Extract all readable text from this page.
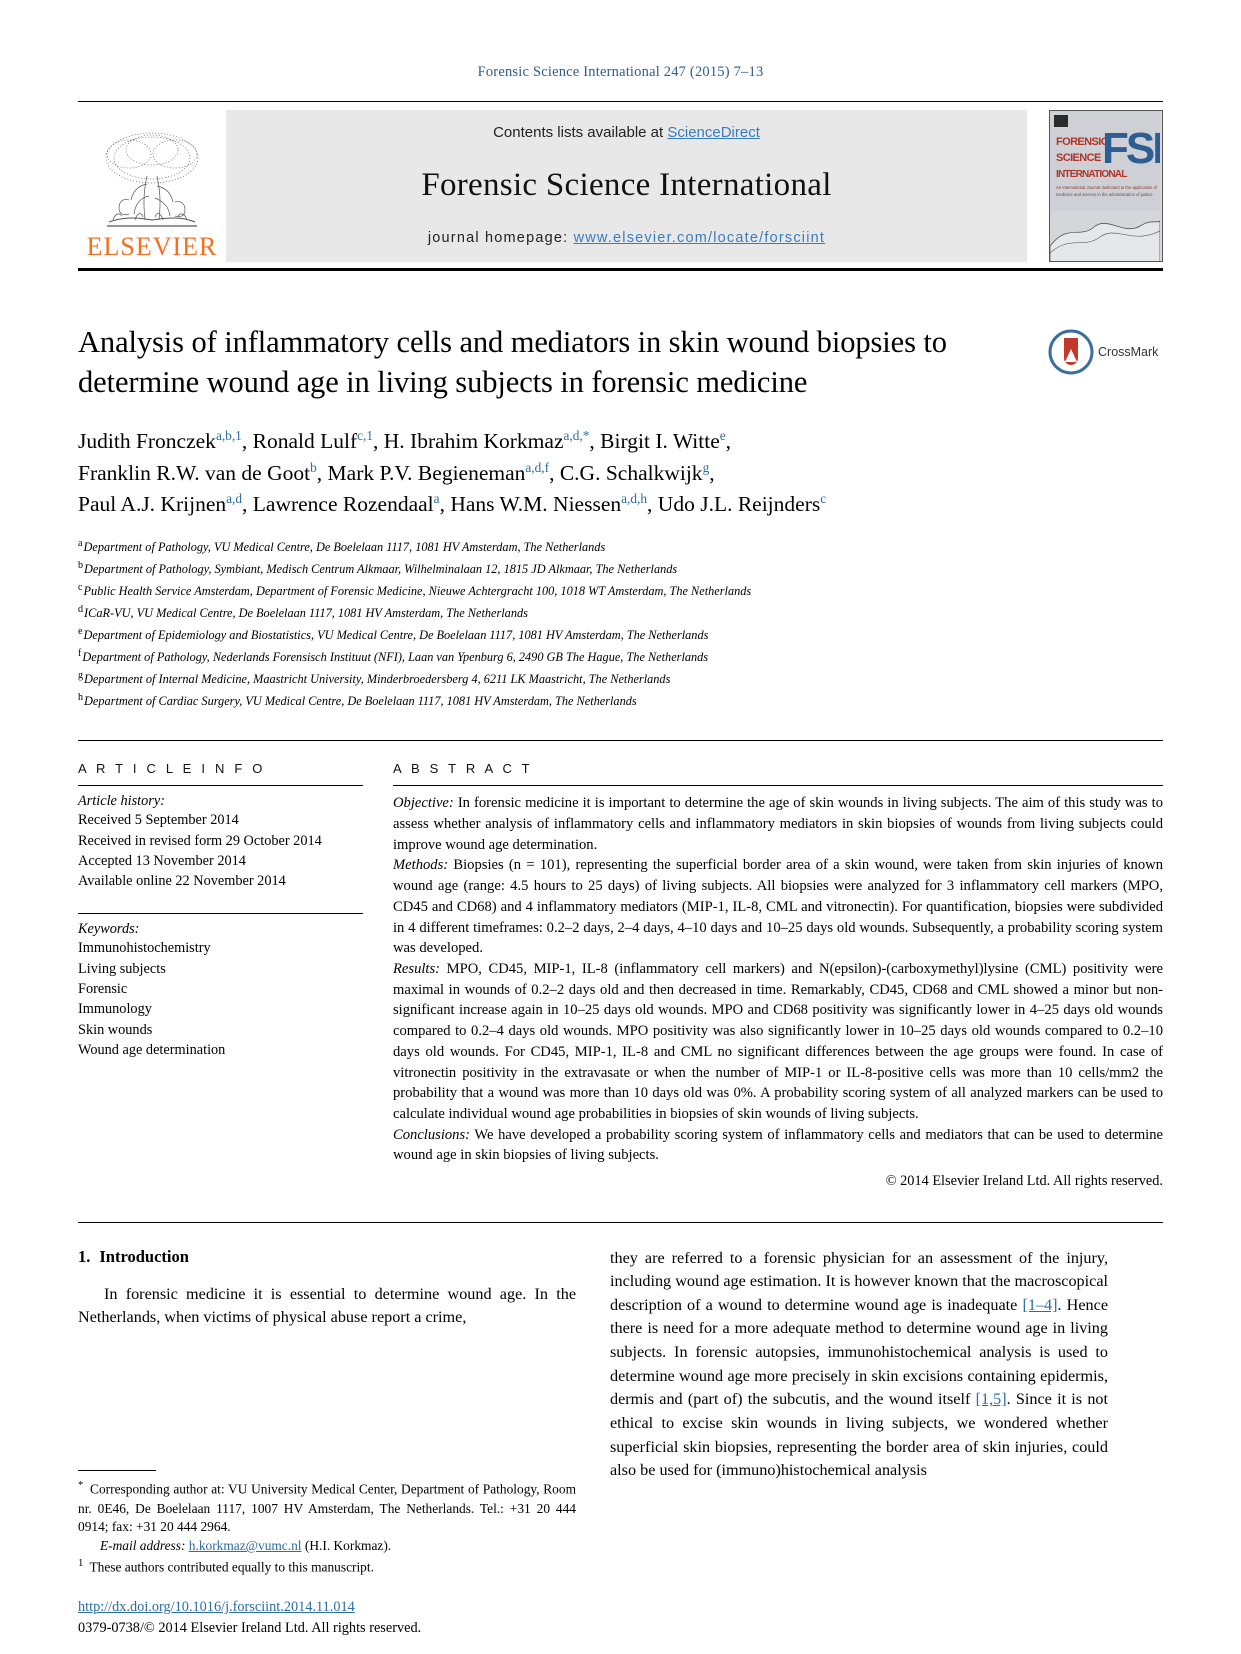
Forensic Science International 247 (2015) 7–13
ELSEVIER
Contents lists available at ScienceDirect
Forensic Science International
journal homepage: www.elsevier.com/locate/forsciint
FORENSIC
SCIENCE
INTERNATIONAL
FSI
An International Journal dedicated to the application of
medicine and science in the administration of justice
Analysis of inflammatory cells and mediators in skin wound biopsies to determine wound age in living subjects in forensic medicine
CrossMark
Judith Fronczek$^{a,b,1}$, Ronald Lulf$^{c,1}$, H. Ibrahim Korkmaz$^{a,d,*}$, Birgit I. Witte$^e$,
Franklin R.W. van de Goot$^b$, Mark P.V. Begieneman$^{a,d,f}$, C.G. Schalkwijk$^g$,
Paul A.J. Krijnen$^{a,d}$, Lawrence Rozendaal$^a$, Hans W.M. Niessen$^{a,d,h}$, Udo J.L. Reijnders$^c$
$^a$Department of Pathology, VU Medical Centre, De Boelelaan 1117, 1081 HV Amsterdam, The Netherlands
$^b$Department of Pathology, Symbiant, Medisch Centrum Alkmaar, Wilhelminalaan 12, 1815 JD Alkmaar, The Netherlands
$^c$Public Health Service Amsterdam, Department of Forensic Medicine, Nieuwe Achtergracht 100, 1018 WT Amsterdam, The Netherlands
$^d$ICaR-VU, VU Medical Centre, De Boelelaan 1117, 1081 HV Amsterdam, The Netherlands
$^e$Department of Epidemiology and Biostatistics, VU Medical Centre, De Boelelaan 1117, 1081 HV Amsterdam, The Netherlands
$^f$Department of Pathology, Nederlands Forensisch Instituut (NFI), Laan van Ypenburg 6, 2490 GB The Hague, The Netherlands
$^g$Department of Internal Medicine, Maastricht University, Minderbroedersberg 4, 6211 LK Maastricht, The Netherlands
$^h$Department of Cardiac Surgery, VU Medical Centre, De Boelelaan 1117, 1081 HV Amsterdam, The Netherlands
A R T I C L E I N F O
Article history:
Received 5 September 2014
Received in revised form 29 October 2014
Accepted 13 November 2014
Available online 22 November 2014
Keywords:
Immunohistochemistry
Living subjects
Forensic
Immunology
Skin wounds
Wound age determination
A B S T R A C T

Objective: In forensic medicine it is important to determine the age of skin wounds in living subjects. The aim of this study was to assess whether analysis of inflammatory cells and inflammatory mediators in skin biopsies of wounds from living subjects could improve wound age determination.

Methods: Biopsies (n = 101), representing the superficial border area of a skin wound, were taken from skin injuries of known wound age (range: 4.5 hours to 25 days) of living subjects. All biopsies were analyzed for 3 inflammatory cell markers (MPO, CD45 and CD68) and 4 inflammatory mediators (MIP-1, IL-8, CML and vitronectin). For quantification, biopsies were subdivided in 4 different timeframes: 0.2–2 days, 2–4 days, 4–10 days and 10–25 days old wounds. Subsequently, a probability scoring system was developed.

Results: MPO, CD45, MIP-1, IL-8 (inflammatory cell markers) and N(epsilon)-(carboxymethyl)lysine (CML) positivity were maximal in wounds of 0.2–2 days old and then decreased in time. Remarkably, CD45, CD68 and CML showed a minor but non-significant increase again in 10–25 days old wounds. MPO and CD68 positivity was significantly lower in 4–25 days old wounds compared to 0.2–4 days old wounds. MPO positivity was also significantly lower in 10–25 days old wounds compared to 0.2–10 days old wounds. For CD45, MIP-1, IL-8 and CML no significant differences between the age groups were found. In case of vitronectin positivity in the extravasate or when the number of MIP-1 or IL-8-positive cells was more than 10 cells/mm2 the probability that a wound was more than 10 days old was 0%. A probability scoring system of all analyzed markers can be used to calculate individual wound age probabilities in biopsies of skin wounds of living subjects.

Conclusions: We have developed a probability scoring system of inflammatory cells and mediators that can be used to determine wound age in skin biopsies of living subjects.

© 2014 Elsevier Ireland Ltd. All rights reserved.
1. Introduction

In forensic medicine it is essential to determine wound age. In the Netherlands, when victims of physical abuse report a crime,

* Corresponding author at: VU University Medical Center, Department of Pathology, Room nr. 0E46, De Boelelaan 1117, 1007 HV Amsterdam, The Netherlands. Tel.: +31 20 444 0914; fax: +31 20 444 2964.

E-mail address: h.korkmaz@vumc.nl (H.I. Korkmaz).

$^1$ These authors contributed equally to this manuscript.

http://dx.doi.org/10.1016/j.forsciint.2014.11.014
0379-0738/© 2014 Elsevier Ireland Ltd. All rights reserved.

they are referred to a forensic physician for an assessment of the injury, including wound age estimation. It is however known that the macroscopical description of a wound to determine wound age is inadequate [1–4]. Hence there is need for a more adequate method to determine wound age in living subjects. In forensic autopsies, immunohistochemical analysis is used to determine wound age more precisely in skin excisions containing epidermis, dermis and (part of) the subcutis, and the wound itself [1,5]. Since it is not ethical to excise skin wounds in living subjects, we wondered whether superficial skin biopsies, representing the border area of skin injuries, could also be used for (immuno)histochemical analysis
